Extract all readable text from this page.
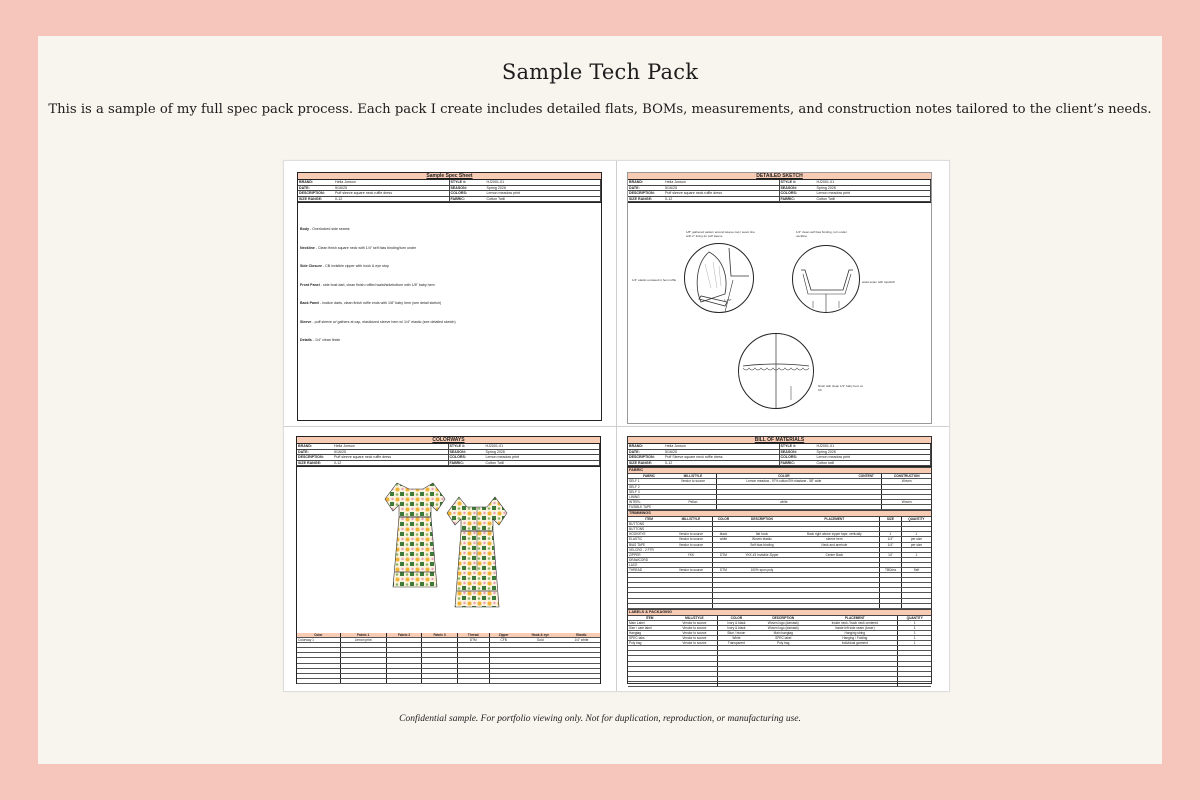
Sample Tech Pack
This is a sample of my full spec pack process. Each pack I create includes detailed flats, BOMs, measurements, and construction notes tailored to the client’s needs.
Sample Spec Sheet
BRAND:	Hella Jonson	STYLE #:	HJ2001-01
DATE:	5/16/25	SEASON:	Spring 2026
DESCRIPTION:	Puff sleeve square neck ruffle dress	COLORS:	Lemon meadow print
SIZE RANGE:	0-12	FABRIC:	Cotton Twill
Body - Overlocked side seams
Neckline - Clean finish square neck with 1/4" self bias binding/turn under
Side Closure - CB invisible zipper with hook & eye stop
Front Panel - side bust dart, clean finish ruffled waist/sidebottom with 1/8" baby hem
Back Panel - bodice darts, clean finish ruffle ends with 1/8" baby hem (see detail sketch)
Sleeve - puff sleeve w/ gathers at cap, elasticized sleeve hem w/ 1/4" elastic (see detailed sketch)
Details - 1/4" clean finish
DETAILED SKETCH
BRAND:	Hella Jonson	STYLE #:	HJ2001-01
DATE:	5/16/25	SEASON:	Spring 2026
DESCRIPTION:	Puff sleeve square neck ruffle dress	COLORS:	Lemon meadow print
SIZE RANGE:	0-12	FABRIC:	Cotton Twill
1/8" gathered pattern around sleeve cap / seam line with 2" lining for puff sleeve
1/4" clean self bias binding, turn under neckline
1/4" elastic encased in hem ruffle
1 1/2"
waist seam with topstitch
finish with clean 1/4" baby hem at CF
COLORWAYS
BRAND:	Hella Jonson	STYLE #:	HJ2001-01
DATE:	5/16/25	SEASON:	Spring 2026
DESCRIPTION:	Puff sleeve square neck ruffle dress	COLORS:	Lemon meadow print
SIZE RANGE:	0-12	FABRIC:	Cotton Twill
Color	Fabric 1	Fabric 2	Fabric 3	Thread	Zipper	Hook & eye	Elastic
Colorway 1	Lemon print			DTM	CFB	Gold	1/4" white

BILL OF MATERIALS
BRAND:	Hella Jonson	STYLE #:	HJ2001-01
DATE:	5/16/25	SEASON:	Spring 2026
DESCRIPTION:	Puff Sleeve square neck ruffle dress	COLORS:	Lemon meadow print
SIZE RANGE:	0-12	FABRIC:	Cotton twill
FABRIC
FABRIC	MILL/STYLE	COLOR	CONTENT	CONSTRUCTION
SELF 1	Vendor to source	Lemon meadow - 97% cotton/3% elastane - 58" wide		Woven
SELF 2				
SELF 3				
LINING				
INTERL.	Pellon	white		Woven
FUSIBLE TAPE				
TRIMMINGS
ITEM	MILL/STYLE	COLOR	DESCRIPTION	PLACEMENT	SIZE	QUANTITY
BUTTONS						
BUTTONS						
HOOK/EYE	Vendor to source	black	flat hook	Back right above zipper tape, vertically	1	1
ELASTIC	Vendor to source	white	Woven elastic	sleeve hem	1/4"	per size
BIAS TAPE	Vendor to source		Self bias binding	Neck and armhole	1/4"	per size
VELCRO - 2 FTR						
ZIPPER	YKK	DTM	YKK #3 Invisible Zipper	Center Back	14"	1
DRAWCORD						
LACE						
THREAD	Vendor to source	DTM	100% spun poly		TBD/ea	Self

LABELS & PACKAGING
ITEM	MILL/STYLE	COLOR	DESCRIPTION	PLACEMENT	QUANTITY
Main Label	Vendor to source	Ivory & black	Woven logo (damask)	Inside neck / back neck centered	1
Size / care label	Vendor to source	Ivory & black	Woven logo (damask)	Inside left side seam (lower)	1
Hangtag	Vendor to source	Blue / brown	Main hangtag	Hanging string	1
SPEC tabs	Vendor to source	White	SPEC label	Hanging / Folding	1
Poly bag	Vendor to source	Transparent	Poly bag	Individual garment	1

Confidential sample. For portfolio viewing only. Not for duplication, reproduction, or manufacturing use.
